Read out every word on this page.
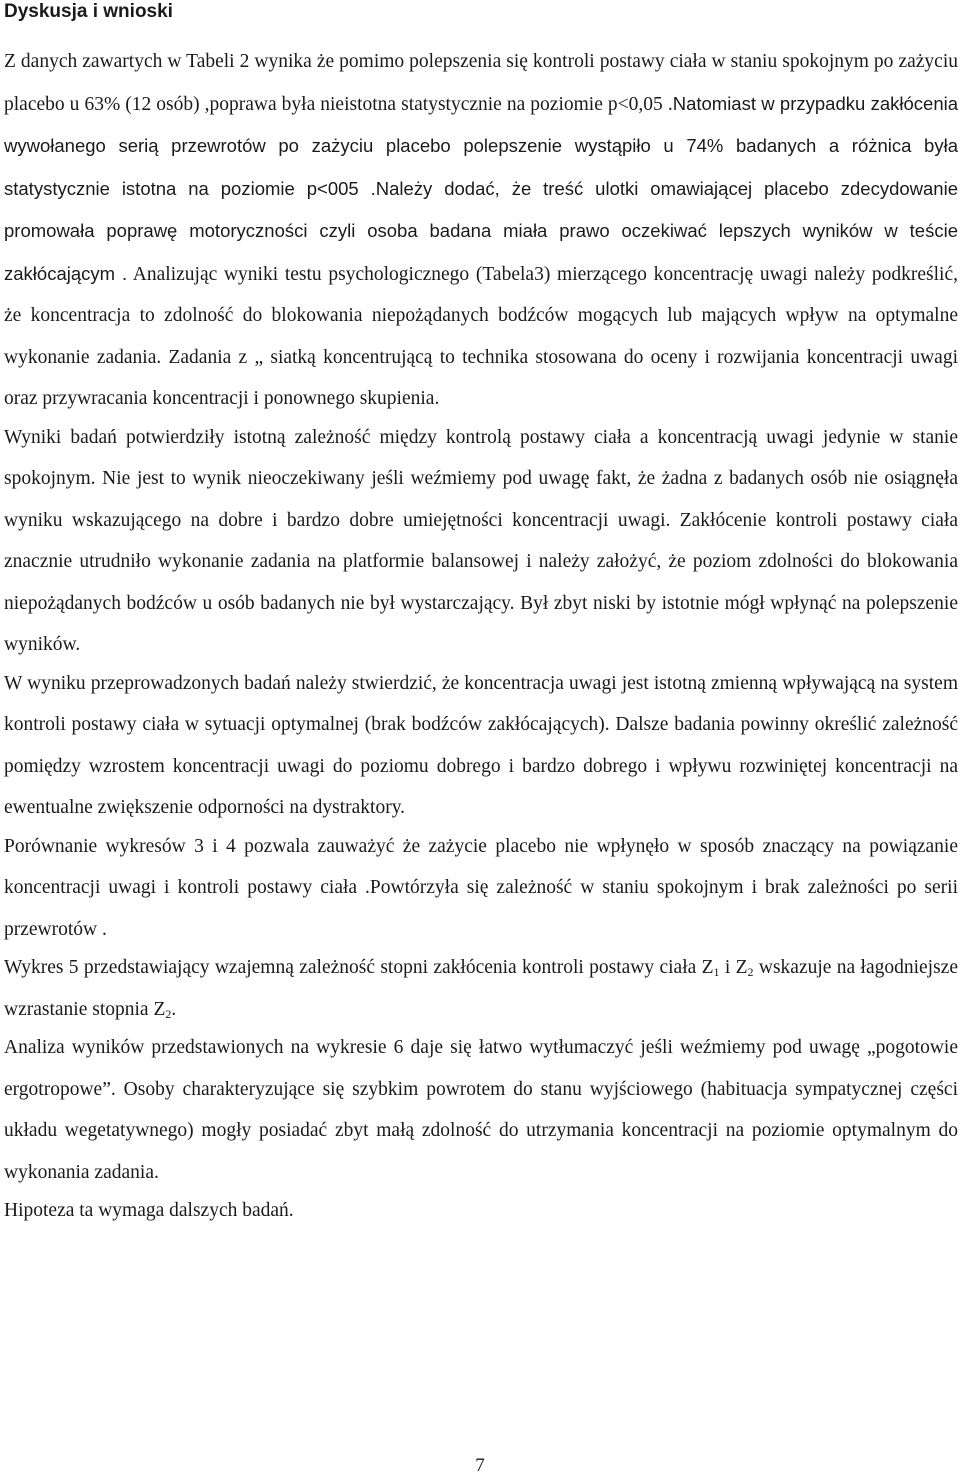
Dyskusja i wnioski

Z danych zawartych w Tabeli 2 wynika że pomimo polepszenia się kontroli postawy ciała w staniu spokojnym po zażyciu placebo u 63% (12 osób) ,poprawa była nieistotna statystycznie na poziomie p<0,05 .Natomiast w przypadku zakłócenia wywołanego serią przewrotów po zażyciu placebo polepszenie wystąpiło u 74% badanych a różnica była statystycznie istotna na poziomie p<005 .Należy dodać, że treść ulotki omawiającej placebo zdecydowanie promowała poprawę motoryczności czyli osoba badana miała prawo oczekiwać lepszych wyników w teście zakłócającym . Analizując wyniki testu psychologicznego (Tabela3) mierzącego koncentrację uwagi należy podkreślić, że koncentracja to zdolność do blokowania niepożądanych bodźców mogących lub mających wpływ na optymalne wykonanie zadania. Zadania z „ siatką koncentrującą to technika stosowana do oceny i rozwijania koncentracji uwagi oraz przywracania koncentracji i ponownego skupienia.

Wyniki badań potwierdziły istotną zależność między kontrolą postawy ciała a koncentracją uwagi jedynie w stanie spokojnym. Nie jest to wynik nieoczekiwany jeśli weźmiemy pod uwagę fakt, że żadna z badanych osób nie osiągnęła wyniku wskazującego na dobre i bardzo dobre umiejętności koncentracji uwagi. Zakłócenie kontroli postawy ciała znacznie utrudniło wykonanie zadania na platformie balansowej i należy założyć, że poziom zdolności do blokowania niepożądanych bodźców u osób badanych nie był wystarczający. Był zbyt niski by istotnie mógł wpłynąć na polepszenie wyników.

W wyniku przeprowadzonych badań należy stwierdzić, że koncentracja uwagi jest istotną zmienną wpływającą na system kontroli postawy ciała w sytuacji optymalnej (brak bodźców zakłócających). Dalsze badania powinny określić zależność pomiędzy wzrostem koncentracji uwagi do poziomu dobrego i bardzo dobrego i wpływu rozwiniętej koncentracji na ewentualne zwiększenie odporności na dystraktory.

Porównanie wykresów 3 i 4 pozwala zauważyć że zażycie placebo nie wpłynęło w sposób znaczący na powiązanie koncentracji uwagi i kontroli postawy ciała .Powtórzyła się zależność w staniu spokojnym i brak zależności po serii przewrotów .

Wykres 5 przedstawiający wzajemną zależność stopni zakłócenia kontroli postawy ciała $Z_1$ i $Z_2$ wskazuje na łagodniejsze wzrastanie stopnia $Z_2$.

Analiza wyników przedstawionych na wykresie 6 daje się łatwo wytłumaczyć jeśli weźmiemy pod uwagę „pogotowie ergotropowe”. Osoby charakteryzujące się szybkim powrotem do stanu wyjściowego (habituacja sympatycznej części układu wegetatywnego) mogły posiadać zbyt małą zdolność do utrzymania koncentracji na poziomie optymalnym do wykonania zadania.

Hipoteza ta wymaga dalszych badań.

7
